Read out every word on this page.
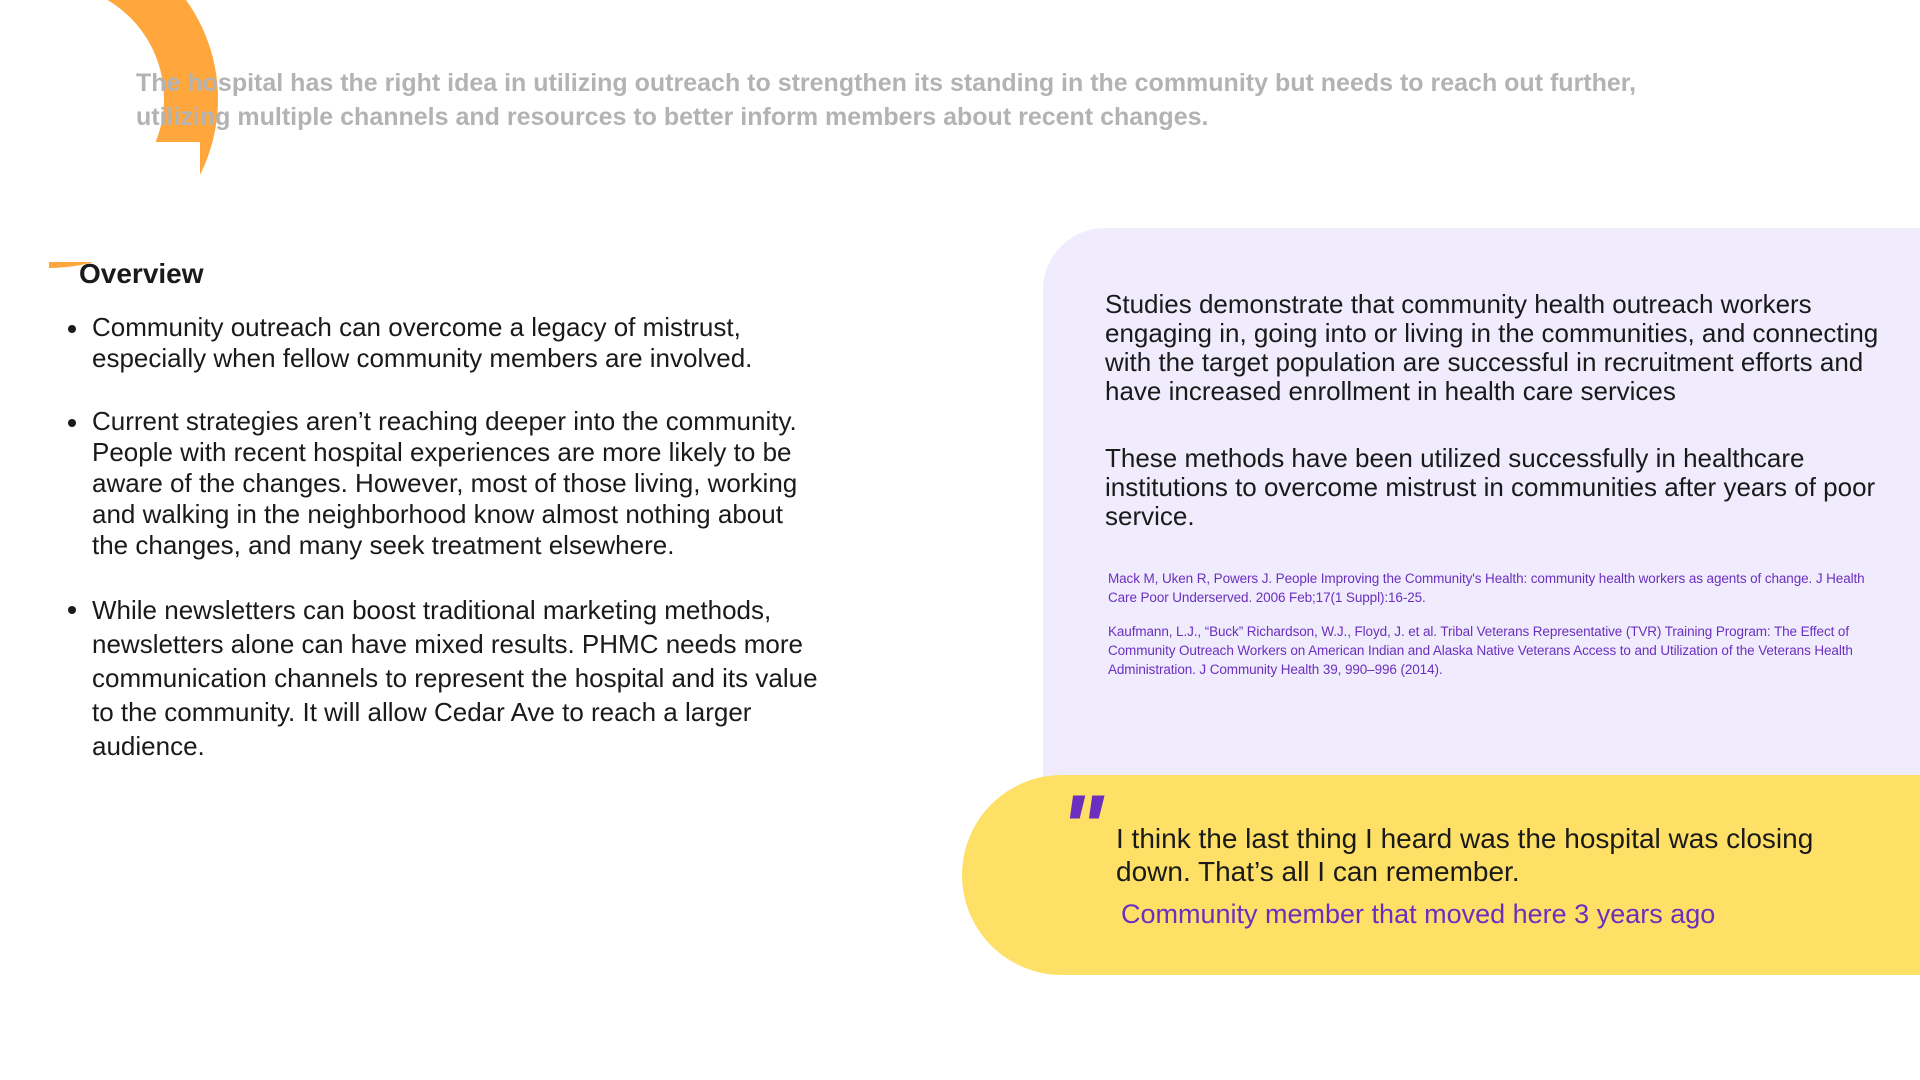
The hospital has the right idea in utilizing outreach to strengthen its standing in the community but needs to reach out further, utilizing multiple channels and resources to better inform members about recent changes.

Overview
Community outreach can overcome a legacy of mistrust, especially when fellow community members are involved.
Current strategies aren’t reaching deeper into the community. People with recent hospital experiences are more likely to be aware of the changes. However, most of those living, working and walking in the neighborhood know almost nothing about the changes, and many seek treatment elsewhere.
While newsletters can boost traditional marketing methods, newsletters alone can have mixed results. PHMC needs more communication channels to represent the hospital and its value to the community. It will allow Cedar Ave to reach a larger audience.

Studies demonstrate that community health outreach workers engaging in, going into or living in the communities, and connecting with the target population are successful in recruitment efforts and have increased enrollment in health care services

These methods have been utilized successfully in healthcare institutions to overcome mistrust in communities after years of poor service.

Mack M, Uken R, Powers J. People Improving the Community's Health: community health workers as agents of change. J Health Care Poor Underserved. 2006 Feb;17(1 Suppl):16-25.

Kaufmann, L.J., “Buck” Richardson, W.J., Floyd, J. et al. Tribal Veterans Representative (TVR) Training Program: The Effect of Community Outreach Workers on American Indian and Alaska Native Veterans Access to and Utilization of the Veterans Health Administration. J Community Health 39, 990–996 (2014).

" I think the last thing I heard was the hospital was closing down. That’s all I can remember.

Community member that moved here 3 years ago
